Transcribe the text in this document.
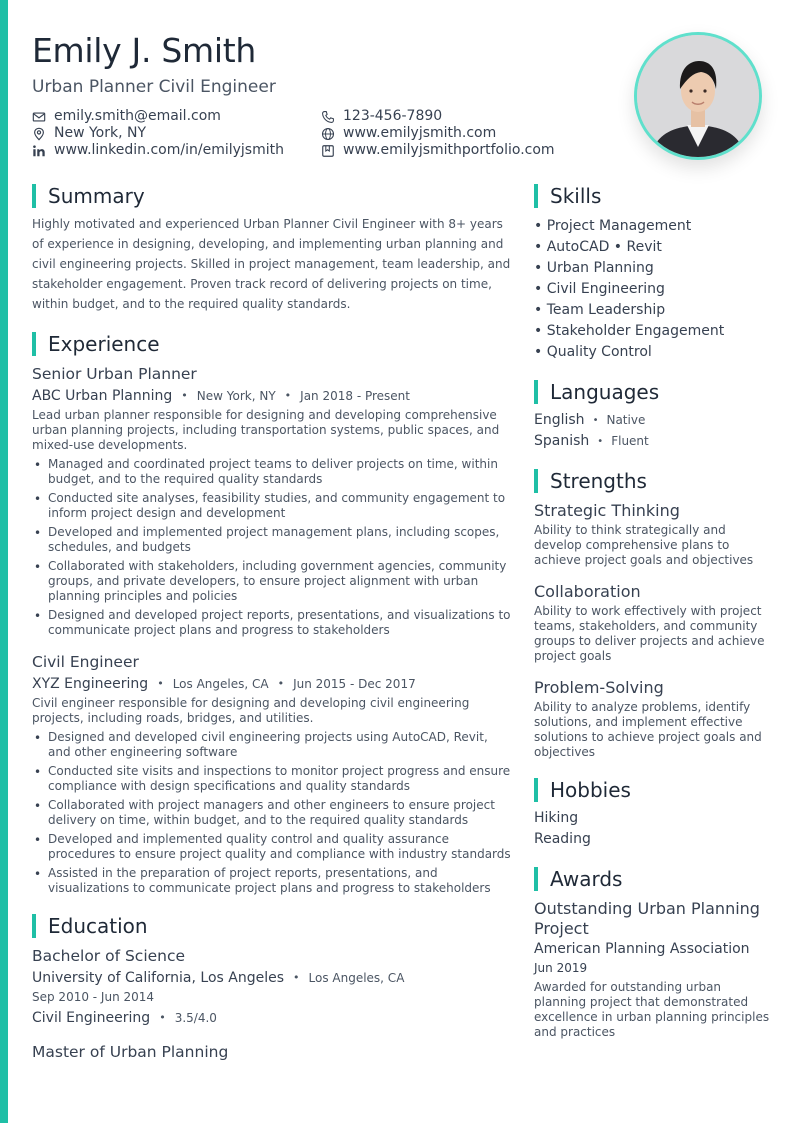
Emily J. Smith
Urban Planner Civil Engineer
emily.smith@email.com	123-456-7890
New York, NY	www.emilyjsmith.com
www.linkedin.com/in/emilyjsmith	www.emilyjsmithportfolio.com
Summary

Highly motivated and experienced Urban Planner Civil Engineer with 8+ years of experience in designing, developing, and implementing urban planning and civil engineering projects. Skilled in project management, team leadership, and stakeholder engagement. Proven track record of delivering projects on time, within budget, and to the required quality standards.

Experience
Senior Urban Planner
ABC Urban Planning • New York, NY • Jan 2018 - Present
Lead urban planner responsible for designing and developing comprehensive urban planning projects, including transportation systems, public spaces, and mixed-use developments.
• Managed and coordinated project teams to deliver projects on time, within budget, and to the required quality standards
• Conducted site analyses, feasibility studies, and community engagement to inform project design and development
• Developed and implemented project management plans, including scopes, schedules, and budgets
• Collaborated with stakeholders, including government agencies, community groups, and private developers, to ensure project alignment with urban planning principles and policies
• Designed and developed project reports, presentations, and visualizations to communicate project plans and progress to stakeholders
Civil Engineer
XYZ Engineering • Los Angeles, CA • Jun 2015 - Dec 2017
Civil engineer responsible for designing and developing civil engineering projects, including roads, bridges, and utilities.
• Designed and developed civil engineering projects using AutoCAD, Revit, and other engineering software
• Conducted site visits and inspections to monitor project progress and ensure compliance with design specifications and quality standards
• Collaborated with project managers and other engineers to ensure project delivery on time, within budget, and to the required quality standards
• Developed and implemented quality control and quality assurance procedures to ensure project quality and compliance with industry standards
• Assisted in the preparation of project reports, presentations, and visualizations to communicate project plans and progress to stakeholders
Education
Bachelor of Science
University of California, Los Angeles • Los Angeles, CA
Sep 2010 - Jun 2014
Civil Engineering • 3.5/4.0
Master of Urban Planning
Skills
• Project Management
• AutoCAD • Revit
• Urban Planning
• Civil Engineering
• Team Leadership
• Stakeholder Engagement
• Quality Control
Languages
English • Native
Spanish • Fluent
Strengths
Strategic Thinking
Ability to think strategically and develop comprehensive plans to achieve project goals and objectives
Collaboration
Ability to work effectively with project teams, stakeholders, and community groups to deliver projects and achieve project goals
Problem-Solving
Ability to analyze problems, identify solutions, and implement effective solutions to achieve project goals and objectives
Hobbies
Hiking
Reading
Awards
Outstanding Urban Planning Project
American Planning Association
Jun 2019
Awarded for outstanding urban planning project that demonstrated excellence in urban planning principles and practices
